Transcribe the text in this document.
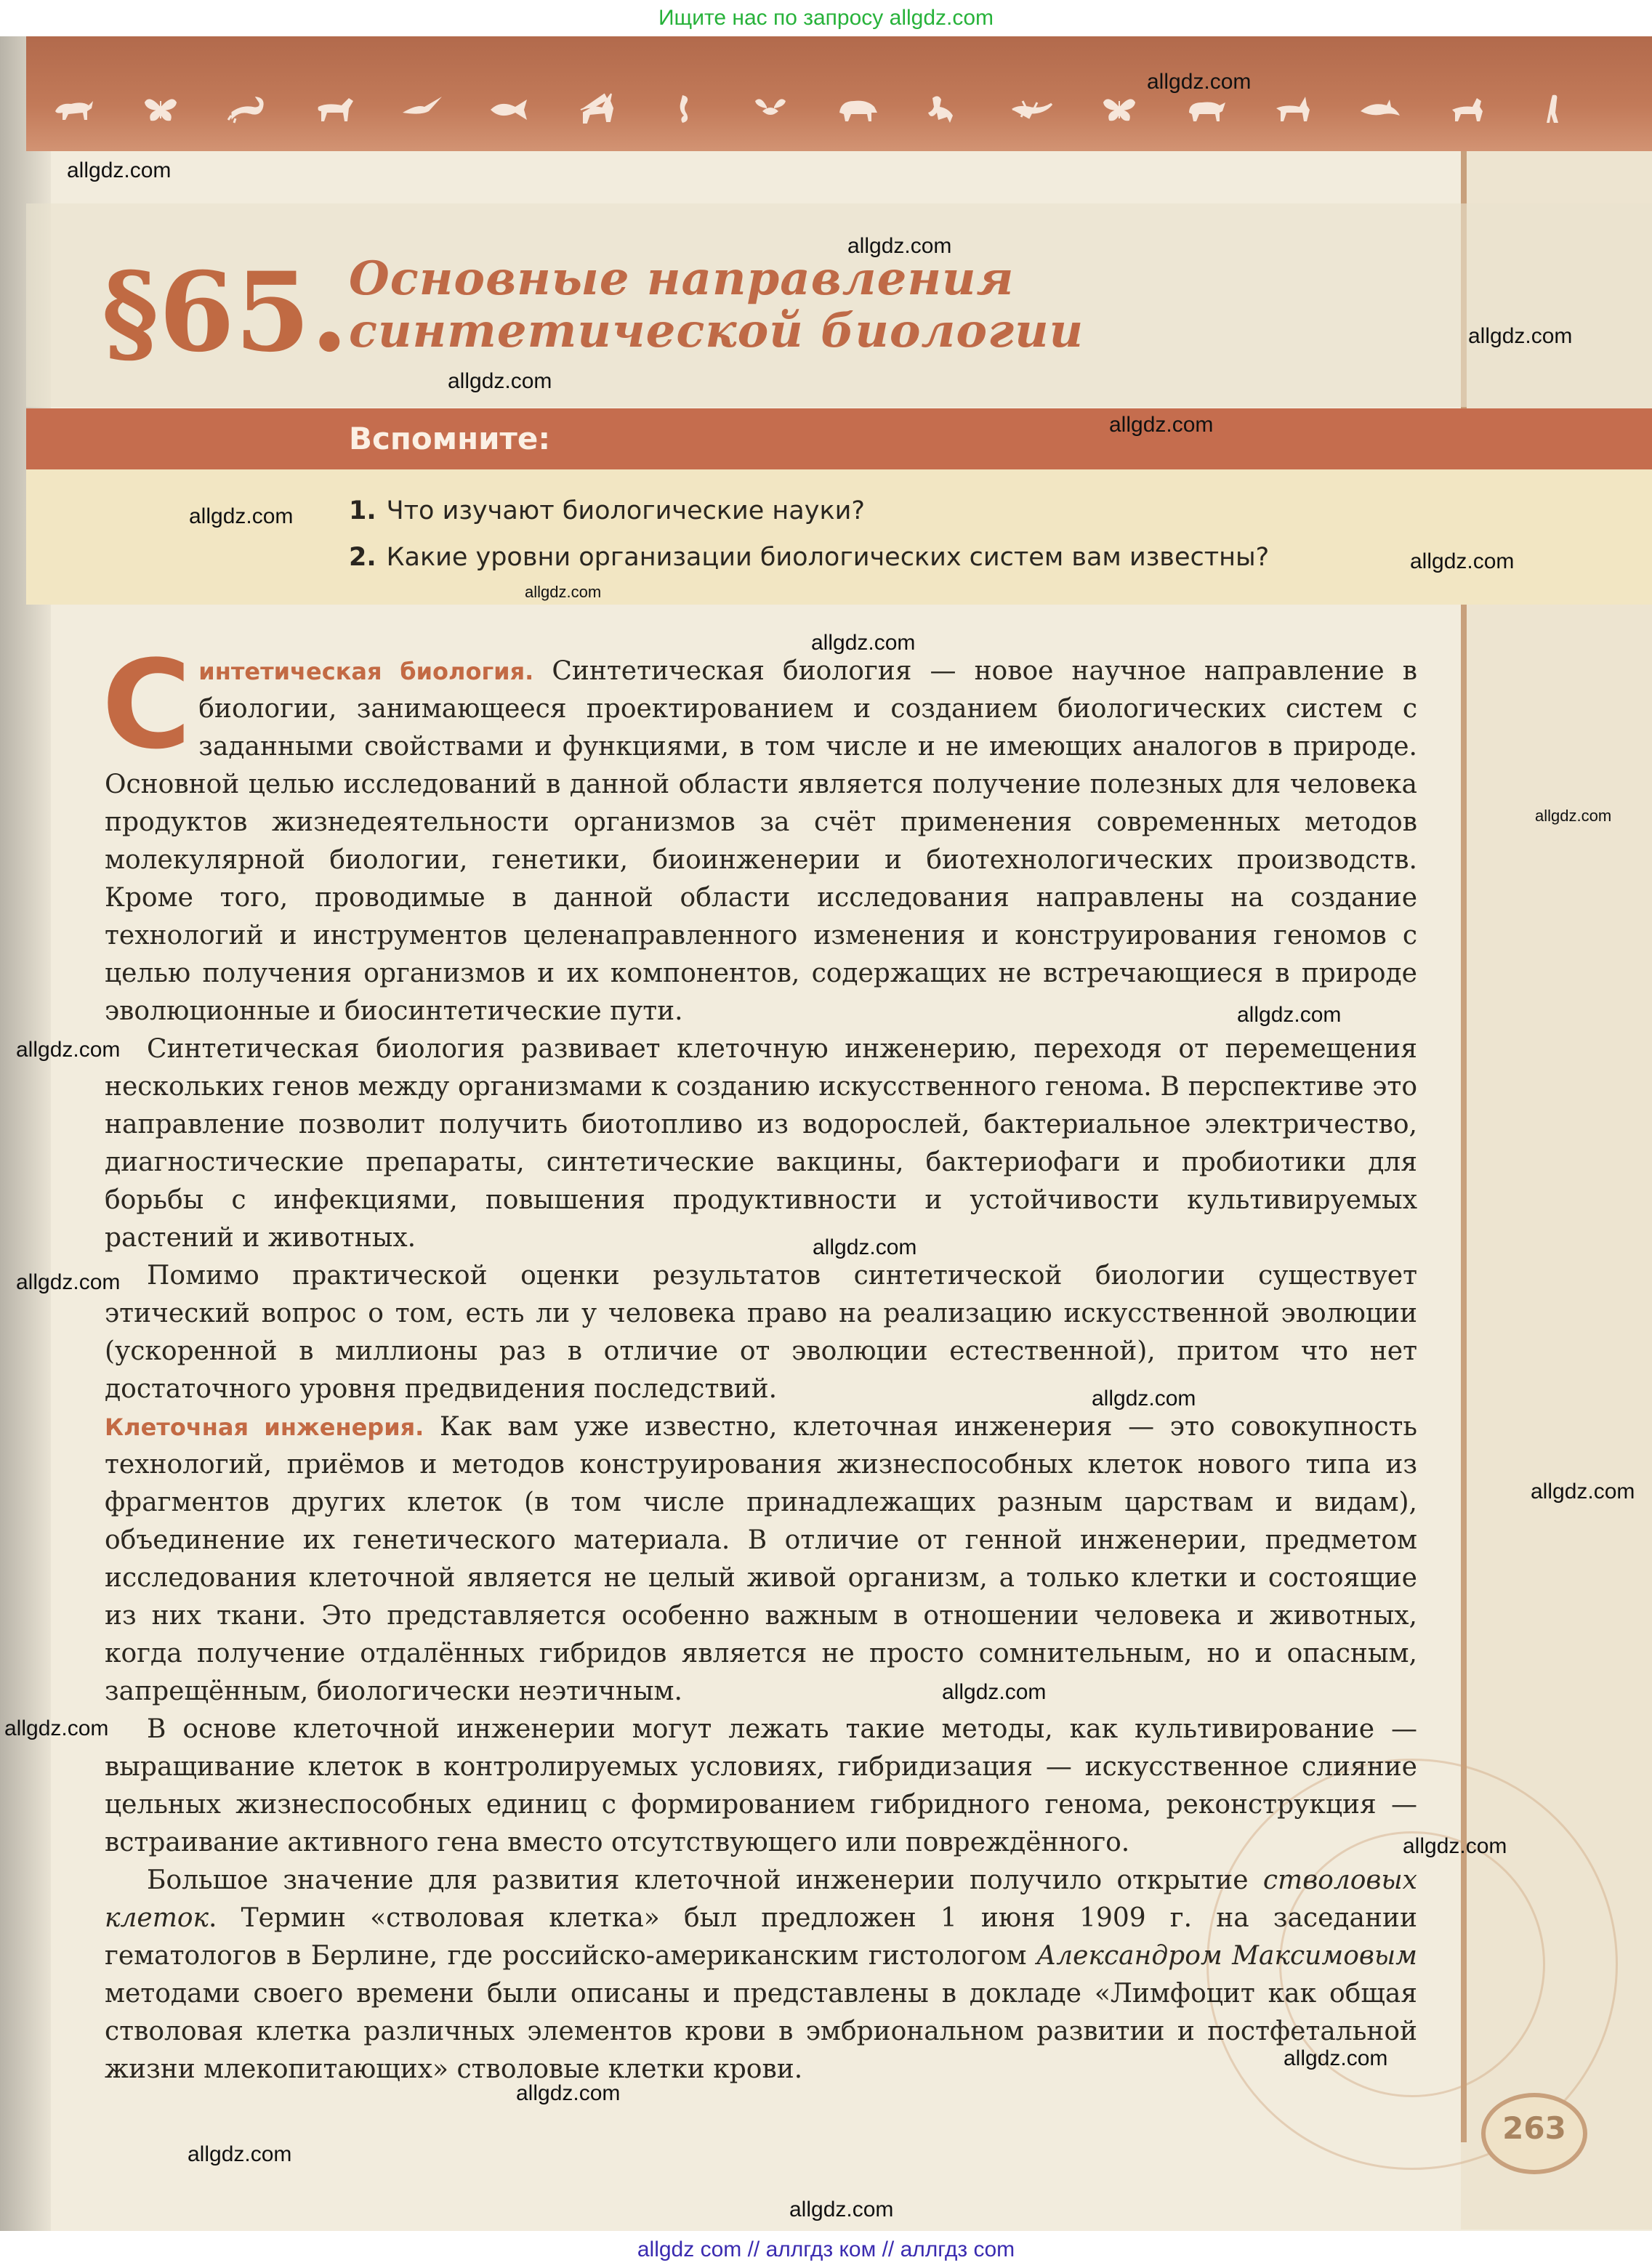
Ищите нас по запросу allgdz.com
§65. Основные направления синтетической биологии
Вспомните:
1. Что изучают биологические науки?
2. Какие уровни организации биологических систем вам известны?

Синтетическая биология. Синтетическая биология — новое научное направление в биологии, занимающееся проектированием и созданием биологических систем с заданными свойствами и функциями, в том числе и не имеющих аналогов в природе. Основной целью исследований в данной области является получение полезных для человека продуктов жизнедеятельности организмов за счёт применения современных методов молекулярной биологии, генетики, биоинженерии и биотехнологических производств. Кроме того, проводимые в данной области исследования направлены на создание технологий и инструментов целенаправленного изменения и конструирования геномов с целью получения организмов и их компонентов, содержащих не встречающиеся в природе эволюционные и биосинтетические пути.

Синтетическая биология развивает клеточную инженерию, переходя от перемещения нескольких генов между организмами к созданию искусственного генома. В перспективе это направление позволит получить биотопливо из водорослей, бактериальное электричество, диагностические препараты, синтетические вакцины, бактериофаги и пробиотики для борьбы с инфекциями, повышения продуктивности и устойчивости культивируемых растений и животных.

Помимо практической оценки результатов синтетической биологии существует этический вопрос о том, есть ли у человека право на реализацию искусственной эволюции (ускоренной в миллионы раз в отличие от эволюции естественной), притом что нет достаточного уровня предвидения последствий.

Клеточная инженерия. Как вам уже известно, клеточная инженерия — это совокупность технологий, приёмов и методов конструирования жизнеспособных клеток нового типа из фрагментов других клеток (в том числе принадлежащих разным царствам и видам), объединение их генетического материала. В отличие от генной инженерии, предметом исследования клеточной является не целый живой организм, а только клетки и состоящие из них ткани. Это представляется особенно важным в отношении человека и животных, когда получение отдалённых гибридов является не просто сомнительным, но и опасным, запрещённым, биологически неэтичным.

В основе клеточной инженерии могут лежать такие методы, как культивирование — выращивание клеток в контролируемых условиях, гибридизация — искусственное слияние цельных жизнеспособных единиц с формированием гибридного генома, реконструкция — встраивание активного гена вместо отсутствующего или повреждённого.

Большое значение для развития клеточной инженерии получило открытие стволовых клеток. Термин «стволовая клетка» был предложен 1 июня 1909 г. на заседании гематологов в Берлине, где российско-американским гистологом Александром Максимовым методами своего времени были описаны и представлены в докладе «Лимфоцит как общая стволовая клетка различных элементов крови в эмбриональном развитии и постфетальной жизни млекопитающих» стволовые клетки крови.

263
allgdz.com
allgdz.com
allgdz.com
allgdz.com
allgdz.com
allgdz.com
allgdz.com
allgdz.com
allgdz.com
allgdz.com
allgdz.com
allgdz.com
allgdz.com
allgdz.com
allgdz.com
allgdz.com
allgdz.com
allgdz.com
allgdz.com
allgdz.com
allgdz.com
allgdz.com
allgdz.com
allgdz.com
allgdz com // аллгдз ком // аллгдз com
